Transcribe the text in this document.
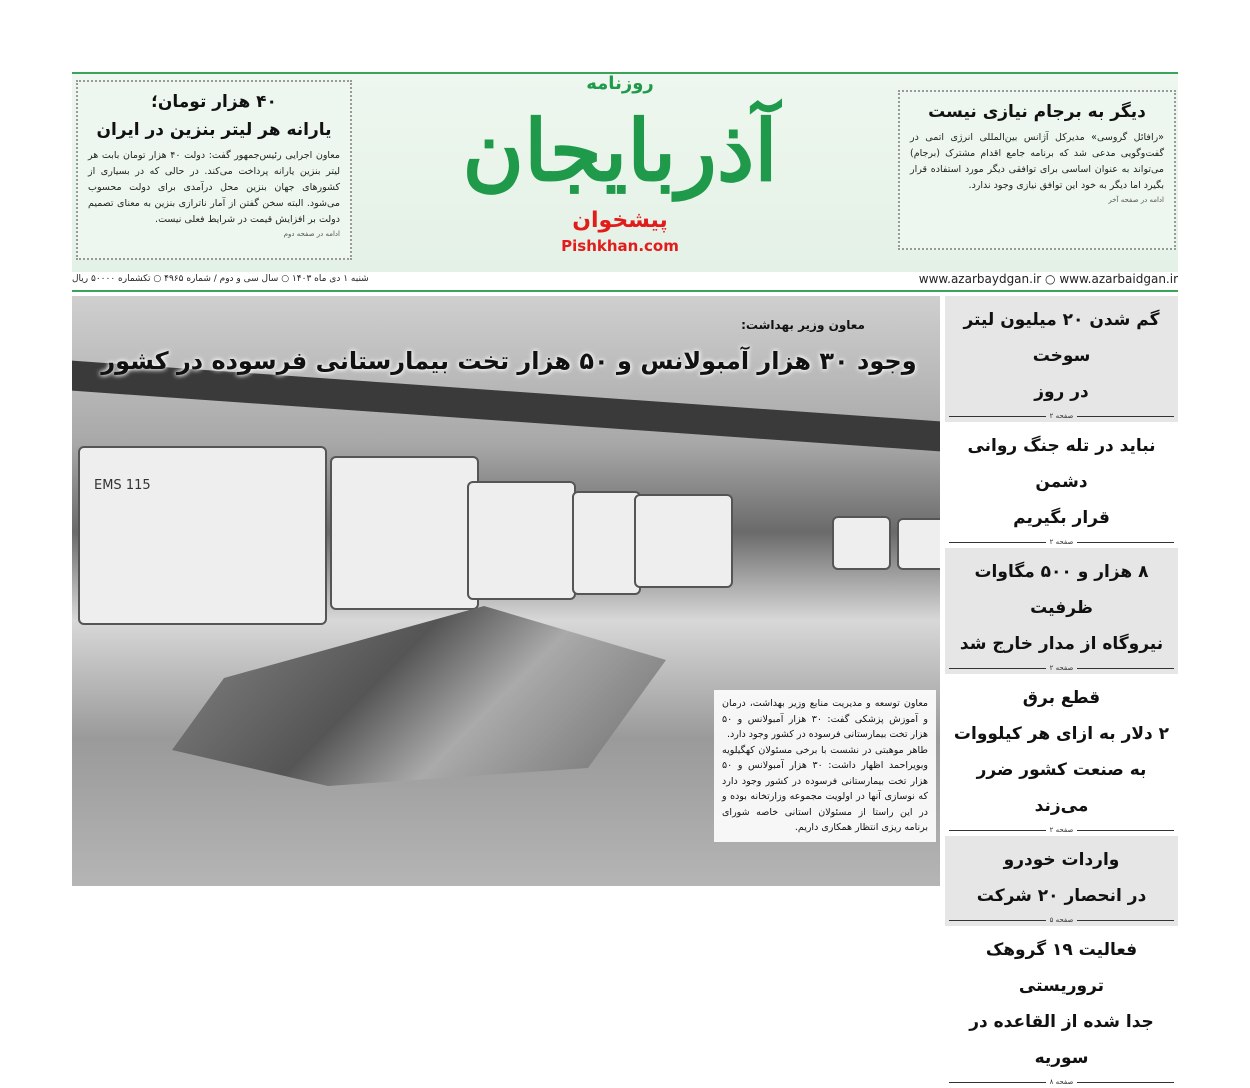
۴۰ هزار تومان؛
یارانه هر لیتر بنزین در ایران

معاون اجرایی رئیس‌جمهور گفت: دولت ۴۰ هزار تومان بابت هر لیتر بنزین یارانه پرداخت می‌کند. در حالی که در بسیاری از کشورهای جهان بنزین محل درآمدی برای دولت محسوب می‌شود. البته سخن گفتن از آمار ناترازی بنزین به معنای تصمیم دولت بر افزایش قیمت در شرایط فعلی نیست.

ادامه در صفحه دوم
دیگر به برجام نیازی نیست

«رافائل گروسی» مدیرکل آژانس بین‌المللی انرژی اتمی در گفت‌وگویی مدعی شد که برنامه جامع اقدام مشترک (برجام) می‌تواند به عنوان اساسی برای توافقی دیگر مورد استفاده قرار بگیرد اما دیگر به خود این توافق نیازی وجود ندارد.

ادامه در صفحه آخر
روزنامه
آذربایجان
پیشخوان
Pishkhan.com
شنبه ۱ دی ماه ۱۴۰۳ ○ سال سی و دوم / شماره ۴۹۶۵ ○ تکشماره ۵۰۰۰۰ ریال	www.azarbaydgan.ir ○ www.azarbaidgan.ir
EMS 115
معاون وزیر بهداشت:
وجود ۳۰ هزار آمبولانس و ۵۰ هزار تخت بیمارستانی فرسوده در کشور

معاون توسعه و مدیریت منابع وزیر بهداشت، درمان و آموزش پزشکی گفت: ۳۰ هزار آمبولانس و ۵۰ هزار تخت بیمارستانی فرسوده در کشور وجود دارد.

طاهر موهبتی در نشست با برخی مسئولان کهگیلویه وبویراحمد اظهار داشت: ۳۰ هزار آمبولانس و ۵۰ هزار تخت بیمارستانی فرسوده در کشور وجود دارد که نوسازی آنها در اولویت مجموعه وزارتخانه بوده و در این راستا از مسئولان استانی خاصه شورای برنامه ریزی انتظار همکاری داریم.

گم شدن ۲۰ میلیون لیتر سوخت
در روز
صفحه ۲
نباید در تله جنگ روانی دشمن
قرار بگیریم
صفحه ۲
۸ هزار و ۵۰۰ مگاوات ظرفیت
نیروگاه از مدار خارج شد
صفحه ۲
قطع برق
۲ دلار به ازای هر کیلووات
به صنعت کشور ضرر می‌زند
صفحه ۲
واردات خودرو
در انحصار ۲۰ شرکت
صفحه ۵
فعالیت ۱۹ گروهک تروریستی
جدا شده از القاعده در سوریه
صفحه ۸
